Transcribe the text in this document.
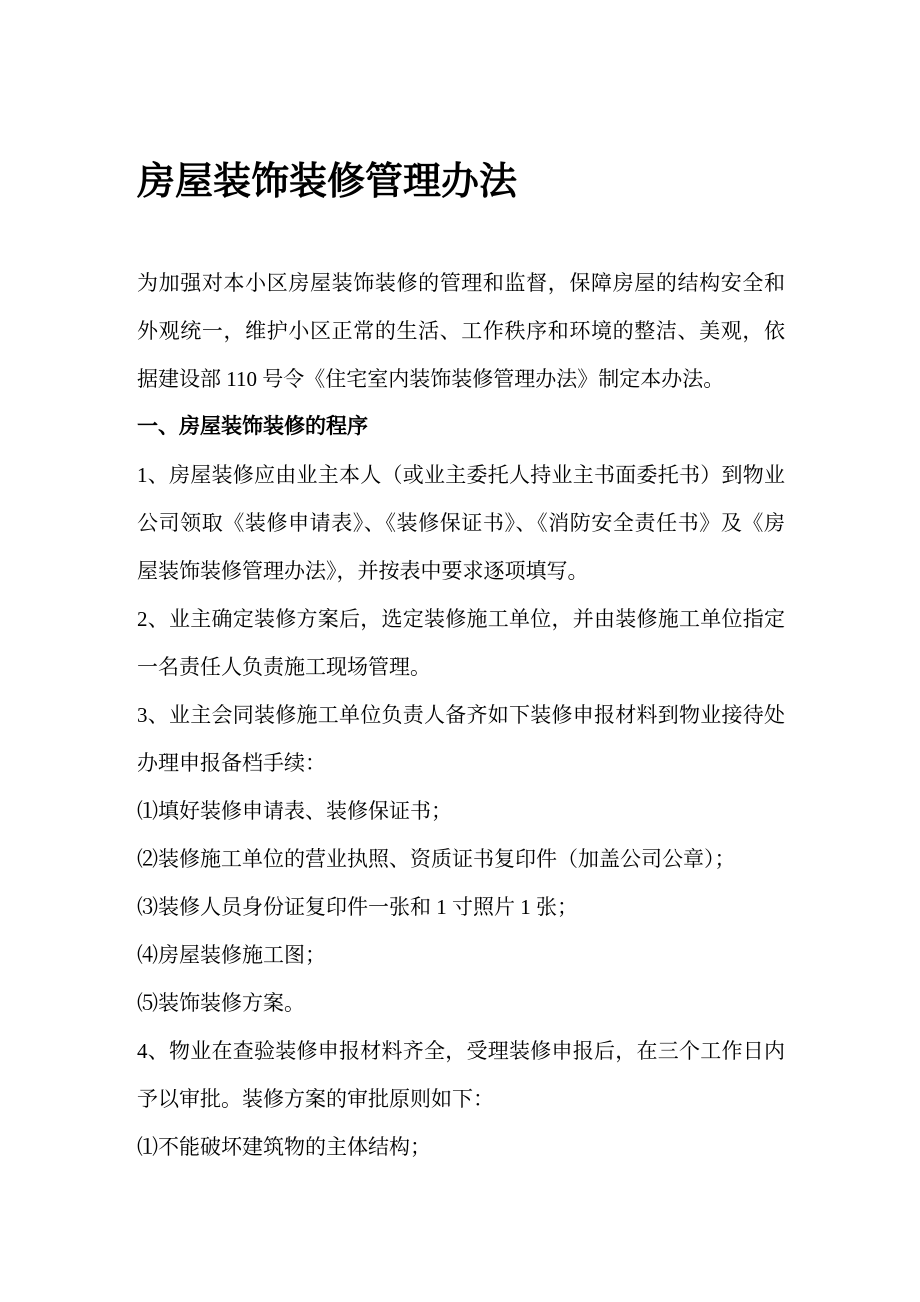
房屋装饰装修管理办法

为加强对本小区房屋装饰装修的管理和监督，保障房屋的结构安全和外观统一，维护小区正常的生活、工作秩序和环境的整洁、美观，依据建设部 110 号令《住宅室内装饰装修管理办法》制定本办法。

一、房屋装饰装修的程序

1、房屋装修应由业主本人（或业主委托人持业主书面委托书）到物业公司领取《装修申请表》、《装修保证书》、《消防安全责任书》及《房屋装饰装修管理办法》，并按表中要求逐项填写。

2、业主确定装修方案后，选定装修施工单位，并由装修施工单位指定一名责任人负责施工现场管理。

3、业主会同装修施工单位负责人备齐如下装修申报材料到物业接待处办理申报备档手续：

⑴填好装修申请表、装修保证书；

⑵装修施工单位的营业执照、资质证书复印件（加盖公司公章）；

⑶装修人员身份证复印件一张和 1 寸照片 1 张；

⑷房屋装修施工图；

⑸装饰装修方案。

4、物业在查验装修申报材料齐全，受理装修申报后，在三个工作日内予以审批。装修方案的审批原则如下：

⑴不能破坏建筑物的主体结构；
